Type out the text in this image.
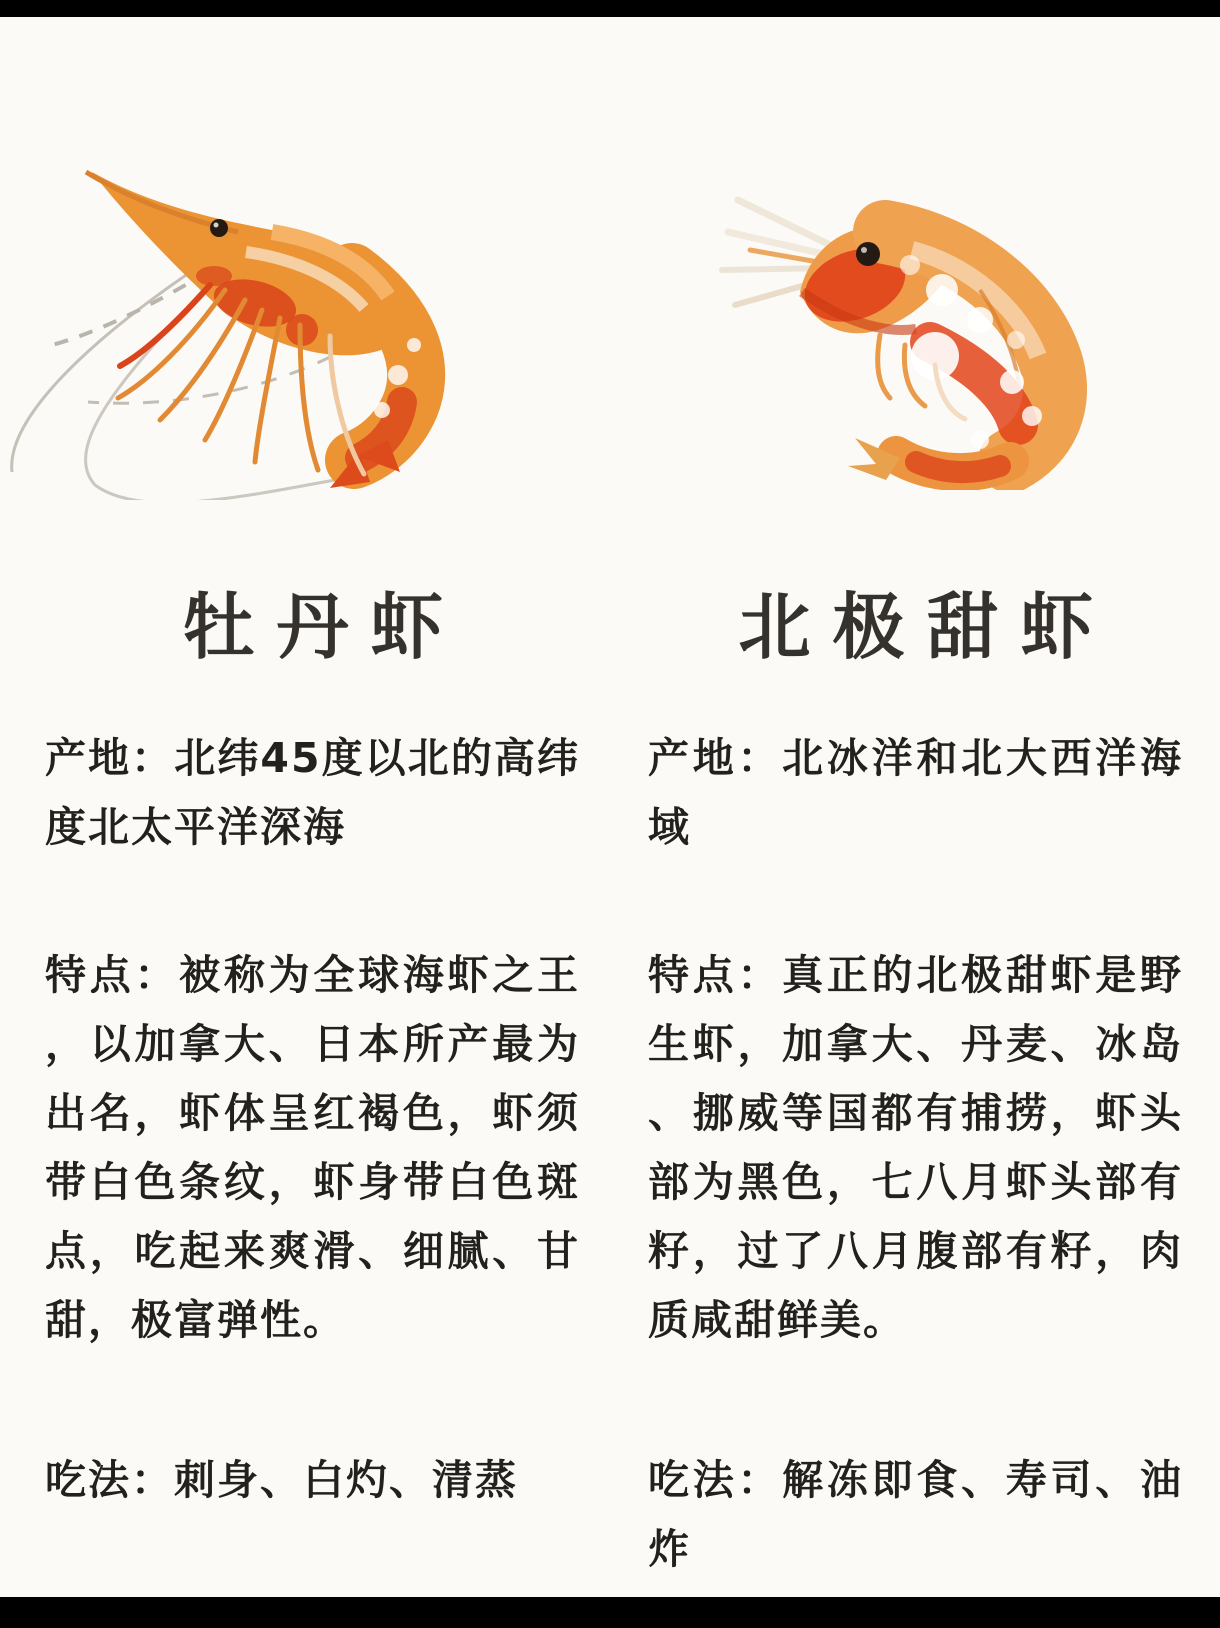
牡丹虾

产地：北纬45度以北的高纬度北太平洋深海

特点：被称为全球海虾之王，以加拿大、日本所产最为出名，虾体呈红褐色，虾须带白色条纹，虾身带白色斑点，吃起来爽滑、细腻、甘甜，极富弹性。

吃法：刺身、白灼、清蒸

北极甜虾

产地：北冰洋和北大西洋海域

特点：真正的北极甜虾是野生虾，加拿大、丹麦、冰岛、挪威等国都有捕捞，虾头部为黑色，七八月虾头部有籽，过了八月腹部有籽，肉质咸甜鲜美。

吃法：解冻即食、寿司、油炸
